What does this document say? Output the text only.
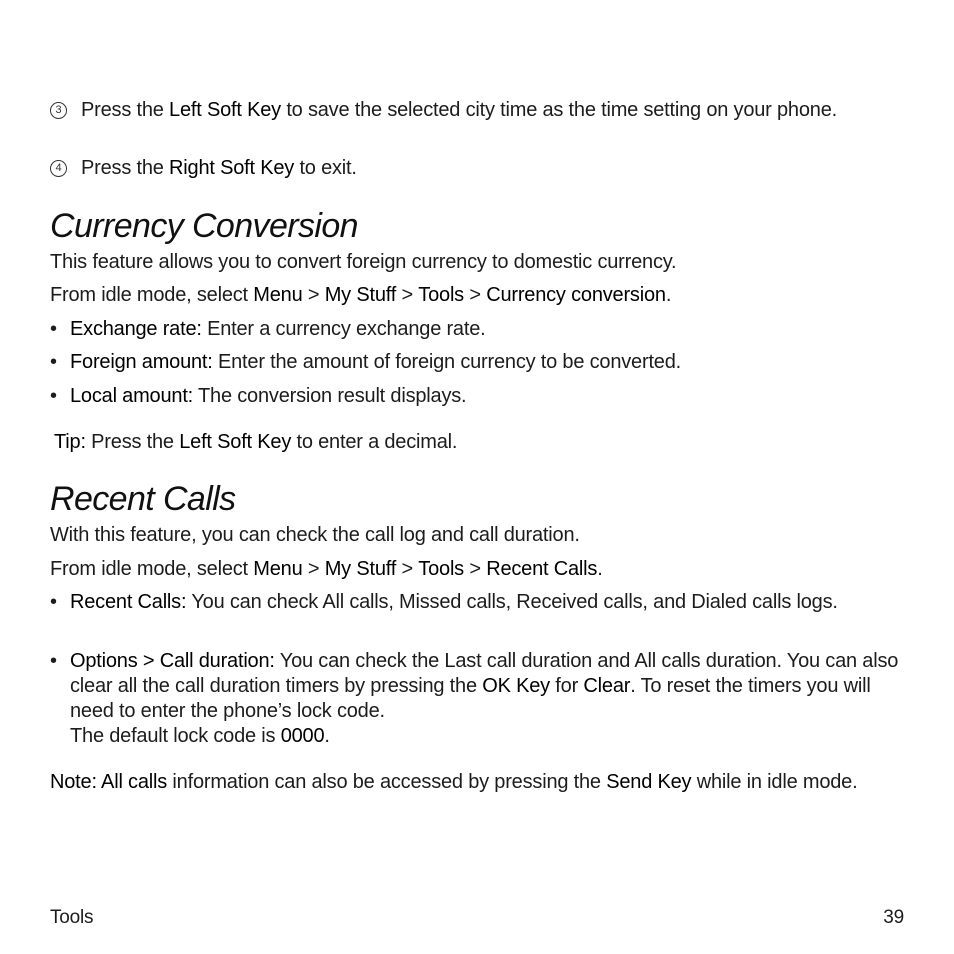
3 Press the Left Soft Key to save the selected city time as the time setting on your phone.
4 Press the Right Soft Key to exit.
Currency Conversion
This feature allows you to convert foreign currency to domestic currency.
From idle mode, select Menu > My Stuff > Tools > Currency conversion.
• Exchange rate: Enter a currency exchange rate.
• Foreign amount: Enter the amount of foreign currency to be converted.
• Local amount: The conversion result displays.
Tip: Press the Left Soft Key to enter a decimal.
Recent Calls
With this feature, you can check the call log and call duration.
From idle mode, select Menu > My Stuff > Tools > Recent Calls.
• Recent Calls: You can check All calls, Missed calls, Received calls, and Dialed calls logs.
• Options > Call duration: You can check the Last call duration and All calls duration. You can also clear all the call duration timers by pressing the OK Key for Clear. To reset the timers you will need to enter the phone’s lock code.
The default lock code is 0000.
Note: All calls information can also be accessed by pressing the Send Key while in idle mode.
Tools	39
